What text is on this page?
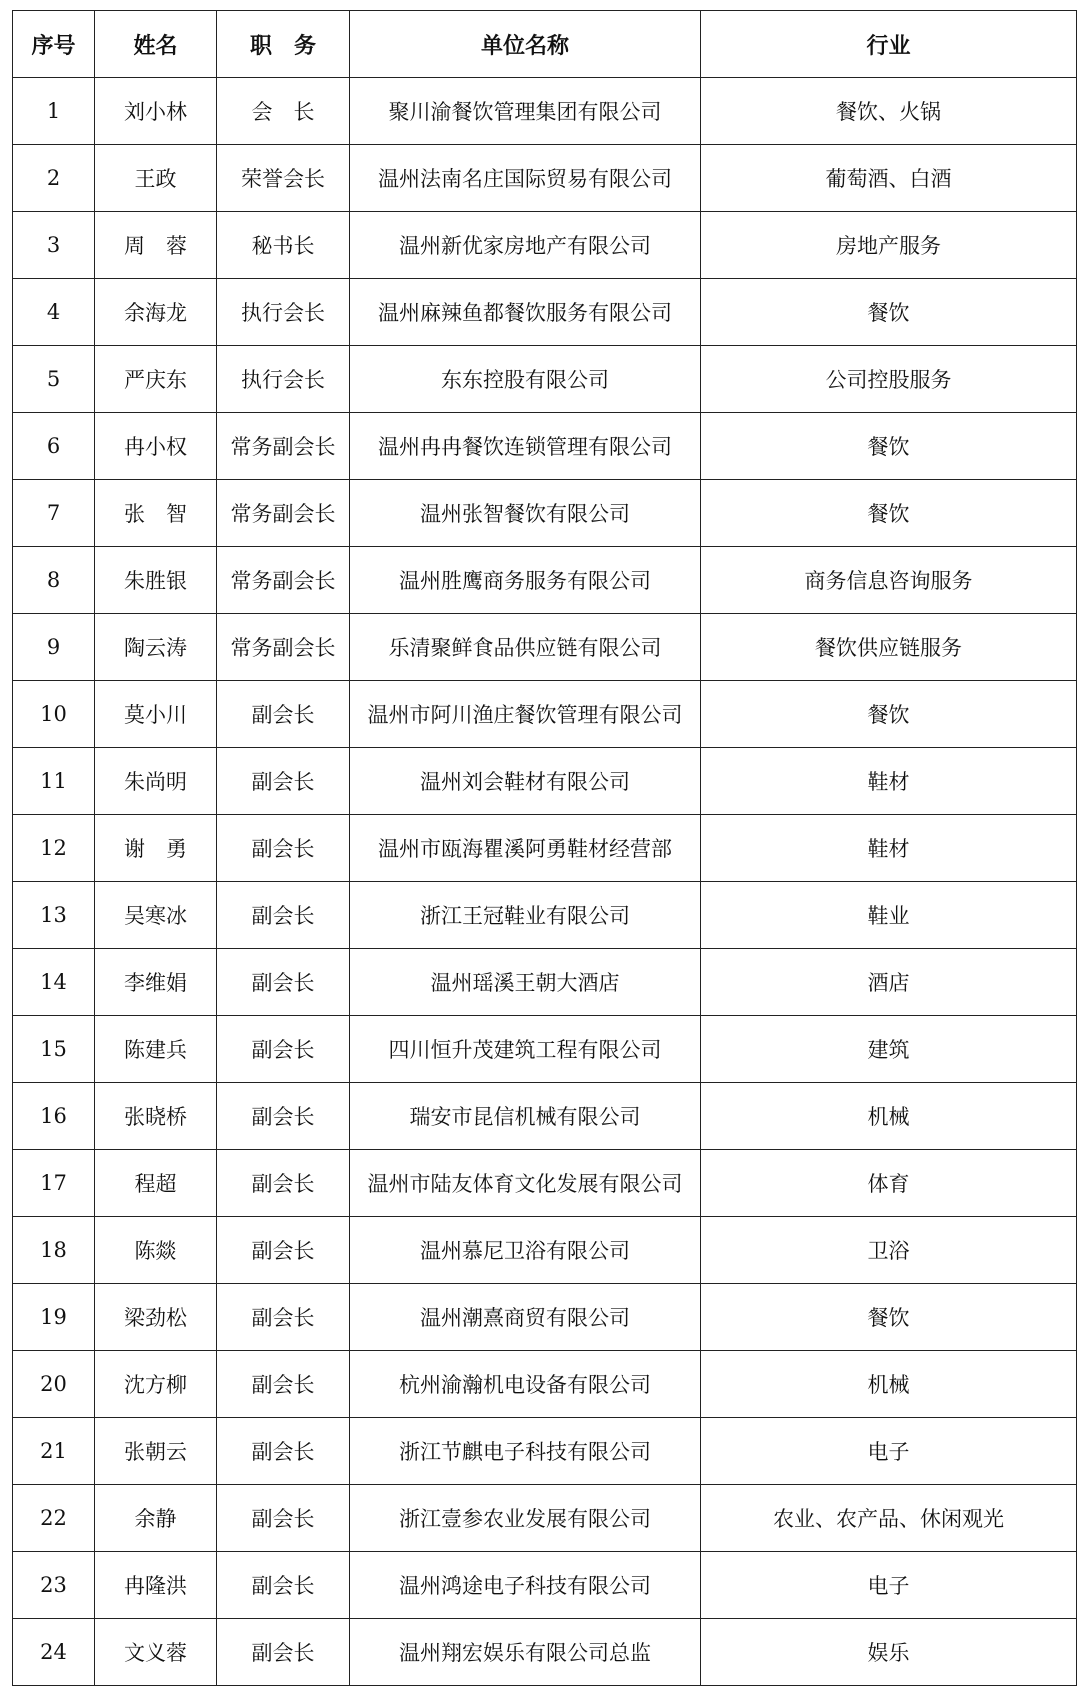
序号	姓名	职　务	单位名称	行业
1	刘小林	会　长	聚川渝餐饮管理集团有限公司	餐饮、火锅
2	王政	荣誉会长	温州法南名庄国际贸易有限公司	葡萄酒、白酒
3	周　蓉	秘书长	温州新优家房地产有限公司	房地产服务
4	余海龙	执行会长	温州麻辣鱼都餐饮服务有限公司	餐饮
5	严庆东	执行会长	东东控股有限公司	公司控股服务
6	冉小权	常务副会长	温州冉冉餐饮连锁管理有限公司	餐饮
7	张　智	常务副会长	温州张智餐饮有限公司	餐饮
8	朱胜银	常务副会长	温州胜鹰商务服务有限公司	商务信息咨询服务
9	陶云涛	常务副会长	乐清聚鲜食品供应链有限公司	餐饮供应链服务
10	莫小川	副会长	温州市阿川渔庄餐饮管理有限公司	餐饮
11	朱尚明	副会长	温州刘会鞋材有限公司	鞋材
12	谢　勇	副会长	温州市瓯海瞿溪阿勇鞋材经营部	鞋材
13	吴寒冰	副会长	浙江王冠鞋业有限公司	鞋业
14	李维娟	副会长	温州瑶溪王朝大酒店	酒店
15	陈建兵	副会长	四川恒升茂建筑工程有限公司	建筑
16	张晓桥	副会长	瑞安市昆信机械有限公司	机械
17	程超	副会长	温州市陆友体育文化发展有限公司	体育
18	陈燚	副会长	温州慕尼卫浴有限公司	卫浴
19	梁劲松	副会长	温州潮熹商贸有限公司	餐饮
20	沈方柳	副会长	杭州渝瀚机电设备有限公司	机械
21	张朝云	副会长	浙江节麒电子科技有限公司	电子
22	余静	副会长	浙江壹参农业发展有限公司	农业、农产品、休闲观光
23	冉隆洪	副会长	温州鸿途电子科技有限公司	电子
24	文义蓉	副会长	温州翔宏娱乐有限公司总监	娱乐
